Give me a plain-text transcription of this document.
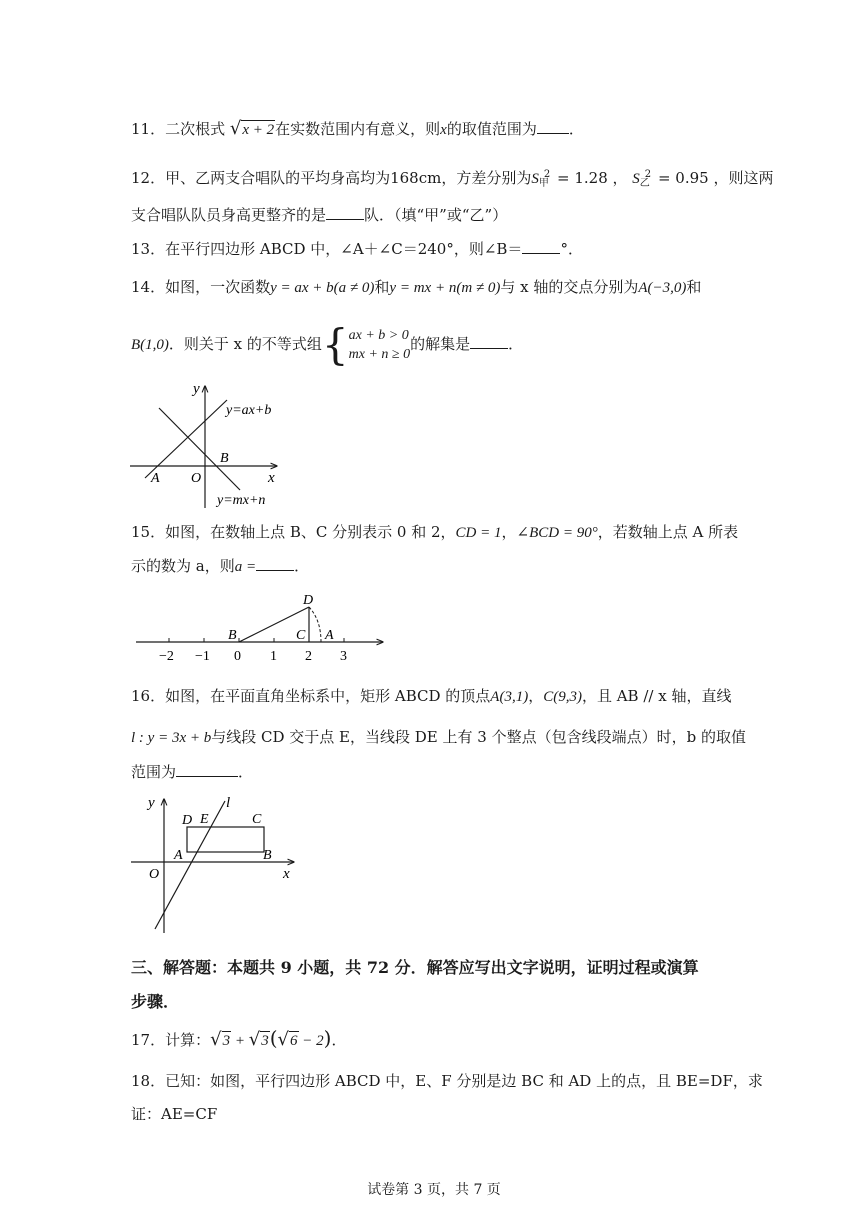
11．二次根式 √x + 2在实数范围内有意义，则x的取值范围为 ．
12．甲、乙两支合唱队的平均身高均为168cm，方差分别为$S_甲^2 = 1.28$ ， $S_乙^2 = 0.95$ ，则这两
支合唱队队员身高更整齐的是	队．（填“甲”或“乙”）
13．在平行四边形 ABCD 中，∠A＋∠C＝240°，则∠B＝	°．
14．如图，一次函数y = ax + b(a ≠ 0)和y = mx + n(m ≠ 0)与 x 轴的交点分别为A(−3,0)和
B(1,0)．则关于 x 的不等式组{ax + b > 0
mx + n ≥ 0的解集是	．
y
x
O
A
B
y=ax+b
y=mx+n
15．如图，在数轴上点 B、C 分别表示 0 和 2，CD = 1，∠BCD = 90°，若数轴上点 A 所表
示的数为 a，则a =	．
−2 −1 0 1 2 3
D
B	C A
16．如图，在平面直角坐标系中，矩形 ABCD 的顶点A(3,1)，C(9,3)，且 AB // x 轴，直线
l : y = 3x + b与线段 CD 交于点 E，当线段 DE 上有 3 个整点（包含线段端点）时，b 的取值
范围为	．
y
x
O
l
D E	C
A	B
三、解答题：本题共 9 小题，共 72 分．解答应写出文字说明，证明过程或演算
步骤．
17．计算：√3 + √3(√6 − 2)．
18．已知：如图，平行四边形 ABCD 中，E、F 分别是边 BC 和 AD 上的点，且 BE=DF，求
证：AE=CF
试卷第 3 页，共 7 页
